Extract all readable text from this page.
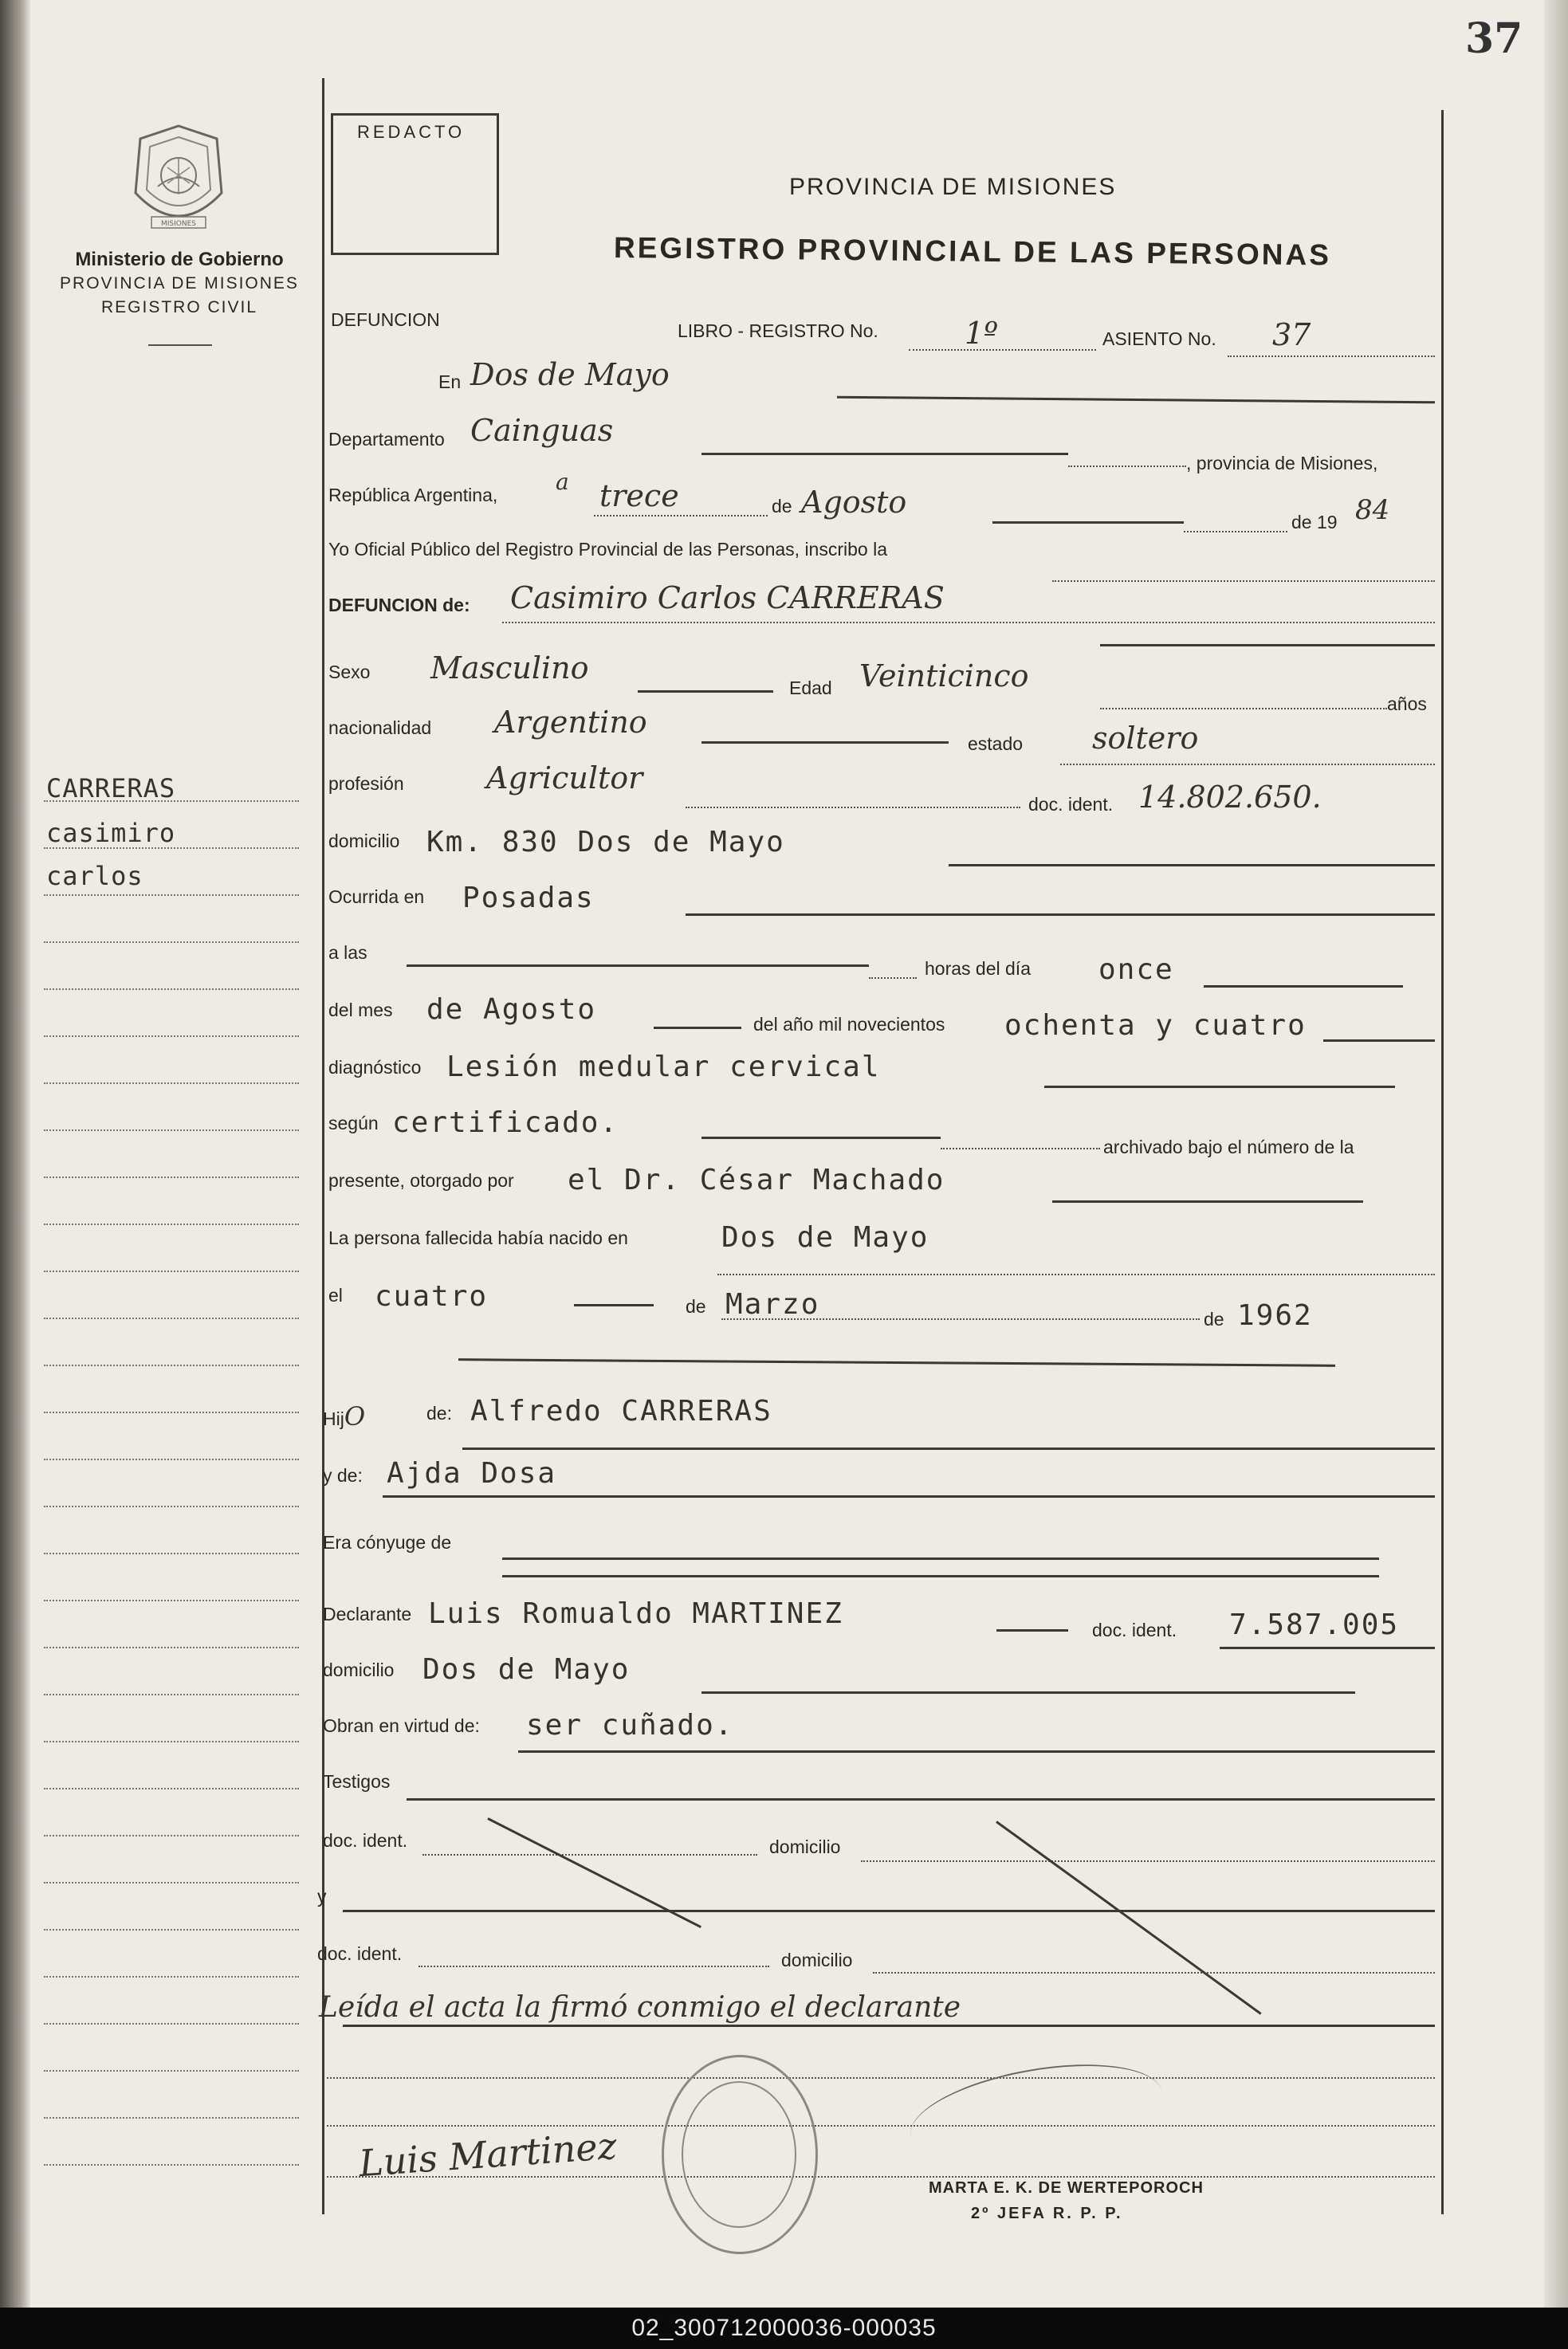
37
MISIONES
Ministerio de Gobierno
PROVINCIA DE MISIONES
REGISTRO CIVIL
REDACTO
PROVINCIA DE MISIONES
REGISTRO PROVINCIAL DE LAS PERSONAS
DEFUNCION
CARRERAS
casimiro
carlos
LIBRO - REGISTRO No.	1º	ASIENTO No. 37
En Dos de Mayo
Departamento Cainguas
, provincia de Misiones,
República Argentina,	a trece	de Agosto
de 19 84
Yo Oficial Público del Registro Provincial de las Personas, inscribo la
DEFUNCION de: Casimiro Carlos CARRERAS
Sexo Masculino
Edad Veinticinco
años
nacionalidad Argentino
estado soltero
profesión	Agricultor
doc. ident. 14.802.650.
domicilio Km. 830 Dos de Mayo
Ocurrida en Posadas
a las
horas del día once
del mes de Agosto	del año mil novecientos ochenta y cuatro
diagnóstico Lesión medular cervical
según certificado.
archivado bajo el número de la
presente, otorgado por el Dr. César Machado
La persona fallecida había nacido en	Dos de Mayo
el cuatro	de Marzo	de 1962
HijO	de: Alfredo CARRERAS
y de: Ajda Dosa
Era cónyuge de
Declarante Luis Romualdo MARTINEZ	doc. ident. 7.587.005
domicilio Dos de Mayo
Obran en virtud de: ser cuñado.
Testigos
doc. ident.	domicilio
y
doc. ident.	domicilio
Leída el acta la firmó conmigo el declarante
Luis Martinez
MARTA E. K. DE WERTEPOROCH
2º JEFA R. P. P.
02_300712000036-000035
